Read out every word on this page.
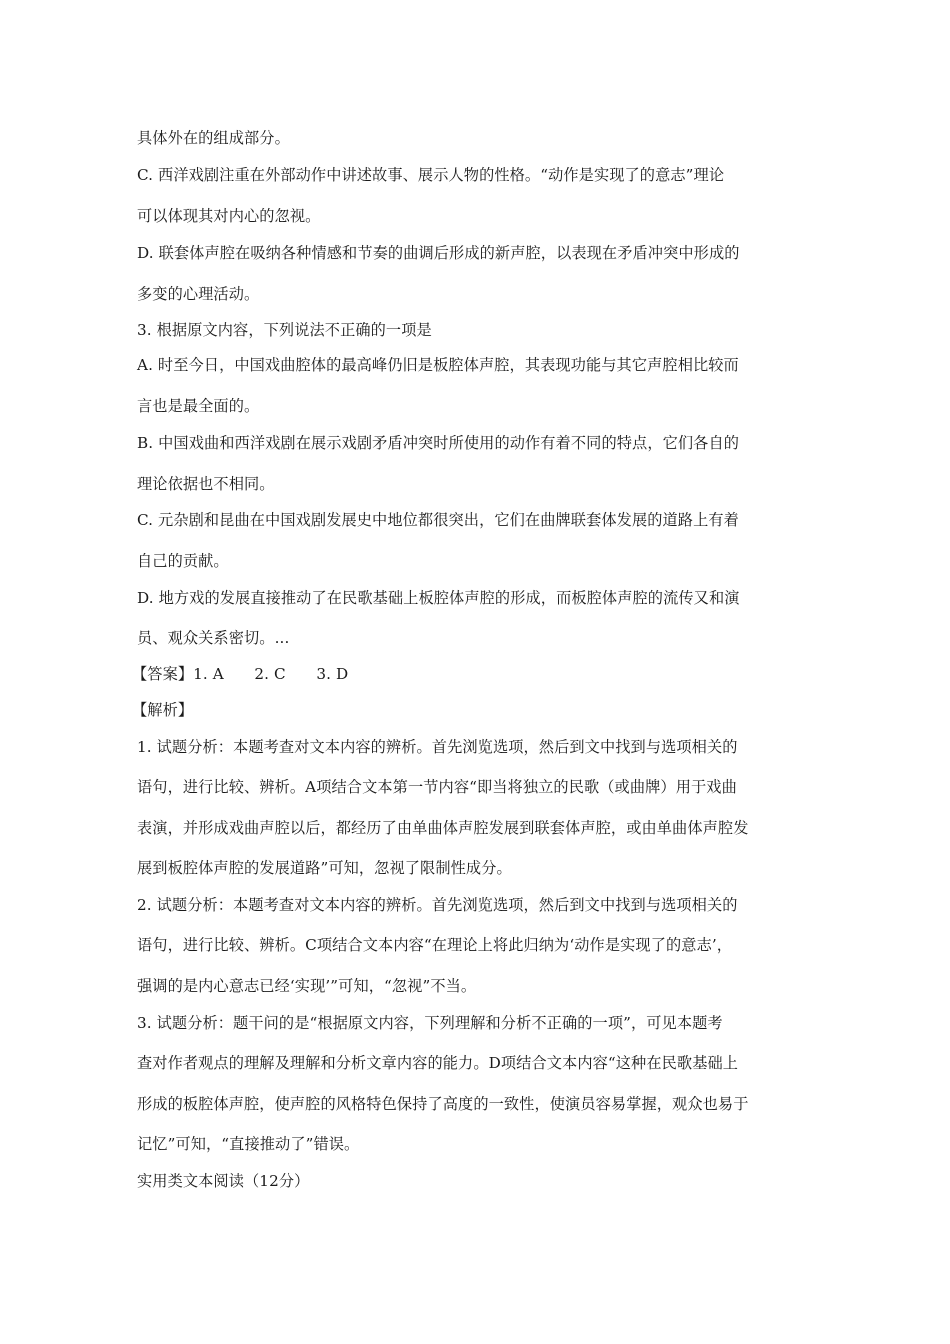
具体外在的组成部分。
C. 西洋戏剧注重在外部动作中讲述故事、展示人物的性格。“动作是实现了的意志”理论
可以体现其对内心的忽视。
D. 联套体声腔在吸纳各种情感和节奏的曲调后形成的新声腔，以表现在矛盾冲突中形成的
多变的心理活动。
3. 根据原文内容，下列说法不正确的一项是
A. 时至今日，中国戏曲腔体的最高峰仍旧是板腔体声腔，其表现功能与其它声腔相比较而
言也是最全面的。
B. 中国戏曲和西洋戏剧在展示戏剧矛盾冲突时所使用的动作有着不同的特点，它们各自的
理论依据也不相同。
C. 元杂剧和昆曲在中国戏剧发展史中地位都很突出，它们在曲牌联套体发展的道路上有着
自己的贡献。
D. 地方戏的发展直接推动了在民歌基础上板腔体声腔的形成，而板腔体声腔的流传又和演
员、观众关系密切。...
【答案】1. A　　2. C　　3. D
【解析】
1. 试题分析：本题考查对文本内容的辨析。首先浏览选项，然后到文中找到与选项相关的
语句，进行比较、辨析。A项结合文本第一节内容“即当将独立的民歌（或曲牌）用于戏曲
表演，并形成戏曲声腔以后，都经历了由单曲体声腔发展到联套体声腔，或由单曲体声腔发
展到板腔体声腔的发展道路”可知，忽视了限制性成分。
2. 试题分析：本题考查对文本内容的辨析。首先浏览选项，然后到文中找到与选项相关的
语句，进行比较、辨析。C项结合文本内容“在理论上将此归纳为‘动作是实现了的意志’，
强调的是内心意志已经‘实现’”可知，“忽视”不当。
3. 试题分析：题干问的是“根据原文内容，下列理解和分析不正确的一项”，可见本题考
查对作者观点的理解及理解和分析文章内容的能力。D项结合文本内容“这种在民歌基础上
形成的板腔体声腔，使声腔的风格特色保持了高度的一致性，使演员容易掌握，观众也易于
记忆”可知，“直接推动了”错误。
实用类文本阅读（12分）
